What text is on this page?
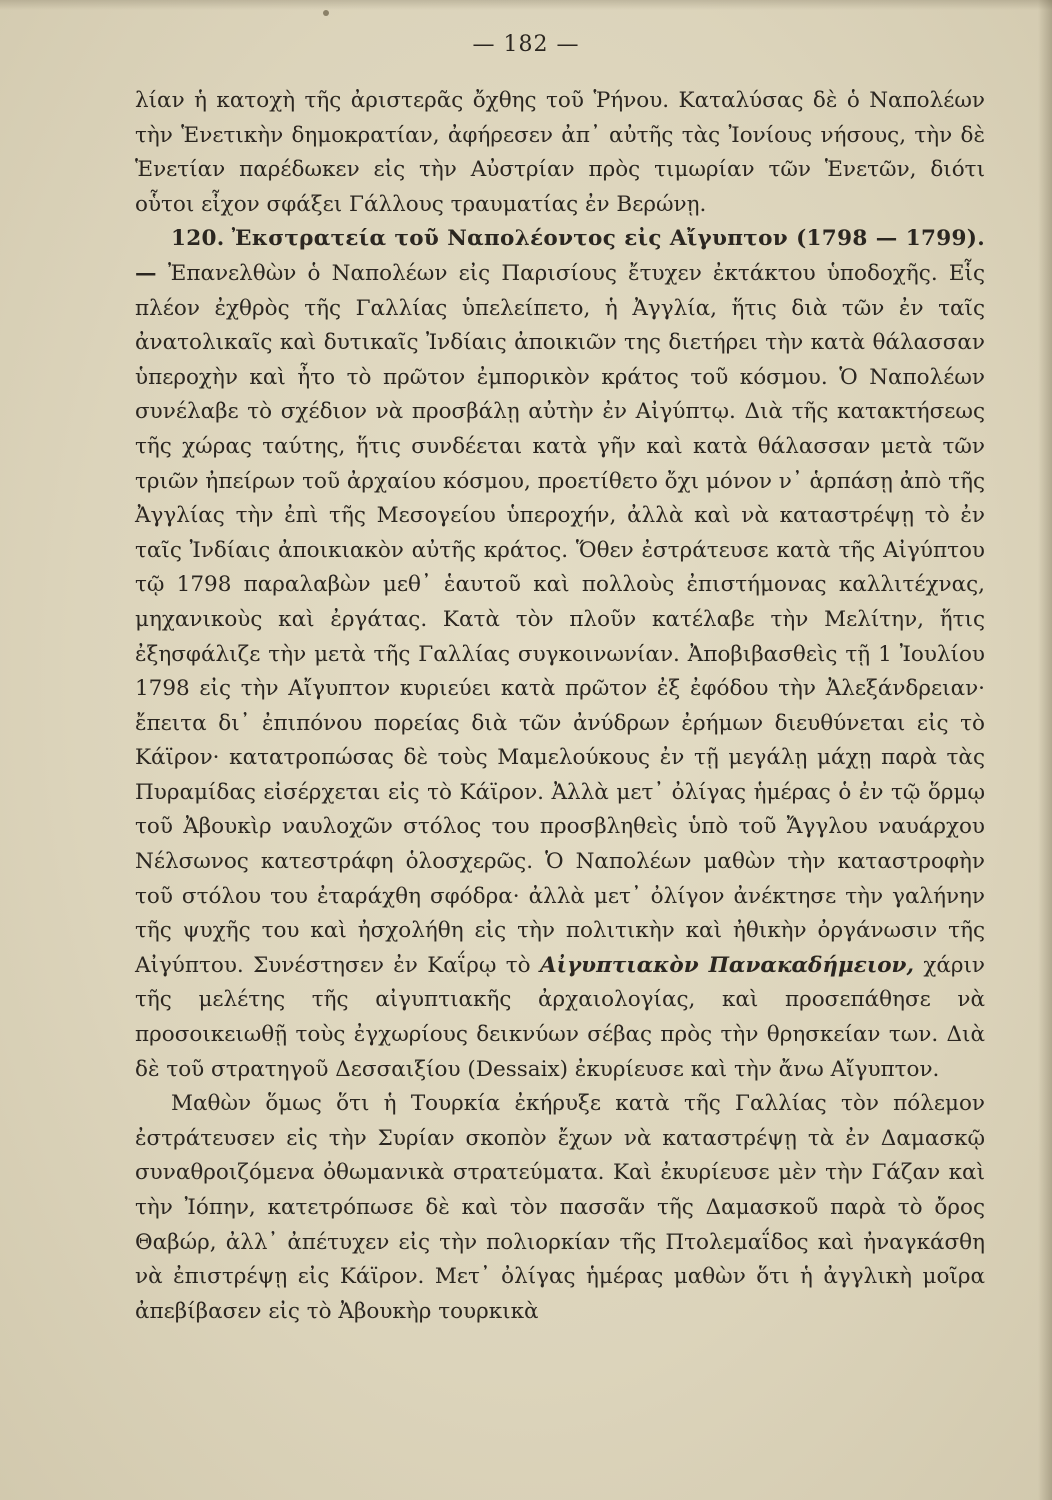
— 182 —

λίαν ἡ κατοχὴ τῆς ἀριστερᾶς ὄχθης τοῦ Ῥήνου. Καταλύσας δὲ ὁ Ναπολέων τὴν Ἑνετικὴν δημοκρατίαν, ἀφήρεσεν ἀπ᾿ αὐτῆς τὰς Ἰονίους νήσους, τὴν δὲ Ἑνετίαν παρέδωκεν εἰς τὴν Αὐστρίαν πρὸς τιμωρίαν τῶν Ἑνετῶν, διότι οὗτοι εἶχον σφάξει Γάλλους τραυματίας ἐν Βερώνῃ.

120. Ἐκστρατεία τοῦ Ναπολέοντος εἰς Αἴγυπτον (1798 — 1799).— Ἐπανελθὼν ὁ Ναπολέων εἰς Παρισίους ἔτυχεν ἐκτάκτου ὑποδοχῆς. Εἷς πλέον ἐχθρὸς τῆς Γαλλίας ὑπελείπετο, ἡ Ἀγγλία, ἥτις διὰ τῶν ἐν ταῖς ἀνατολικαῖς καὶ δυτικαῖς Ἰνδίαις ἀποικιῶν της διετήρει τὴν κατὰ θάλασσαν ὑπεροχὴν καὶ ἦτο τὸ πρῶτον ἐμπορικὸν κράτος τοῦ κόσμου. Ὁ Ναπολέων συνέλαβε τὸ σχέδιον νὰ προσβάλῃ αὐτὴν ἐν Αἰγύπτῳ. Διὰ τῆς κατακτήσεως τῆς χώρας ταύτης, ἥτις συνδέεται κατὰ γῆν καὶ κατὰ θάλασσαν μετὰ τῶν τριῶν ἠπείρων τοῦ ἀρχαίου κόσμου, προετίθετο ὄχι μόνον ν᾿ ἁρπάσῃ ἀπὸ τῆς Ἀγγλίας τὴν ἐπὶ τῆς Μεσογείου ὑπεροχήν, ἀλλὰ καὶ νὰ καταστρέψῃ τὸ ἐν ταῖς Ἰνδίαις ἀποικιακὸν αὐτῆς κράτος. Ὅθεν ἐστράτευσε κατὰ τῆς Αἰγύπτου τῷ 1798 παραλαβὼν μεθ᾿ ἑαυτοῦ καὶ πολλοὺς ἐπιστήμονας καλλιτέχνας, μηχανικοὺς καὶ ἐργάτας. Κατὰ τὸν πλοῦν κατέλαβε τὴν Μελίτην, ἥτις ἐξησφάλιζε τὴν μετὰ τῆς Γαλλίας συγκοινωνίαν. Ἀποβιβασθεὶς τῇ 1 Ἰουλίου 1798 εἰς τὴν Αἴγυπτον κυριεύει κατὰ πρῶτον ἐξ ἐφόδου τὴν Ἀλεξάνδρειαν· ἔπειτα δι᾿ ἐπιπόνου πορείας διὰ τῶν ἀνύδρων ἐρήμων διευθύνεται εἰς τὸ Κάϊρον· κατατροπώσας δὲ τοὺς Μαμελούκους ἐν τῇ μεγάλῃ μάχῃ παρὰ τὰς Πυραμίδας εἰσέρχεται εἰς τὸ Κάϊρον. Ἀλλὰ μετ᾿ ὀλίγας ἡμέρας ὁ ἐν τῷ ὅρμῳ τοῦ Ἀβουκὶρ ναυλοχῶν στόλος του προσβληθεὶς ὑπὸ τοῦ Ἄγγλου ναυάρχου Νέλσωνος κατεστράφη ὁλοσχερῶς. Ὁ Ναπολέων μαθὼν τὴν καταστροφὴν τοῦ στόλου του ἐταράχθη σφόδρα· ἀλλὰ μετ᾿ ὀλίγον ἀνέκτησε τὴν γαλήνην τῆς ψυχῆς του καὶ ἠσχολήθη εἰς τὴν πολιτικὴν καὶ ἠθικὴν ὀργάνωσιν τῆς Αἰγύπτου. Συνέστησεν ἐν Καΐρῳ τὸ Αἰγυπτιακὸν Παναкαδήμειον, χάριν τῆς μελέτης τῆς αἰγυπτιακῆς ἀρχαιολογίας, καὶ προσεπάθησε νὰ προσοικειωθῇ τοὺς ἐγχωρίους δεικνύων σέβας πρὸς τὴν θρησκείαν των. Διὰ δὲ τοῦ στρατηγοῦ Δεσσαιξίου (Dessaix) ἐκυρίευσε καὶ τὴν ἄνω Αἴγυπτον.

Μαθὼν ὅμως ὅτι ἡ Τουρκία ἐκήρυξε κατὰ τῆς Γαλλίας τὸν πόλεμον ἐστράτευσεν εἰς τὴν Συρίαν σκοπὸν ἔχων νὰ καταστρέψῃ τὰ ἐν Δαμασκῷ συναθροιζόμενα ὀθωμανικὰ στρατεύματα. Καὶ ἐκυρίευσε μὲν τὴν Γάζαν καὶ τὴν Ἰόπην, κατετρόπωσε δὲ καὶ τὸν πασσᾶν τῆς Δαμασκοῦ παρὰ τὸ ὄρος Θαβώρ, ἀλλ᾿ ἀπέτυχεν εἰς τὴν πολιορκίαν τῆς Πτολεμαΐδος καὶ ἠναγκάσθη νὰ ἐπιστρέψῃ εἰς Κάϊρον. Μετ᾿ ὀλίγας ἡμέρας μαθὼν ὅτι ἡ ἀγγλικὴ μοῖρα ἀπεβίβασεν εἰς τὸ Ἀβουκὴρ τουρκικὰ
